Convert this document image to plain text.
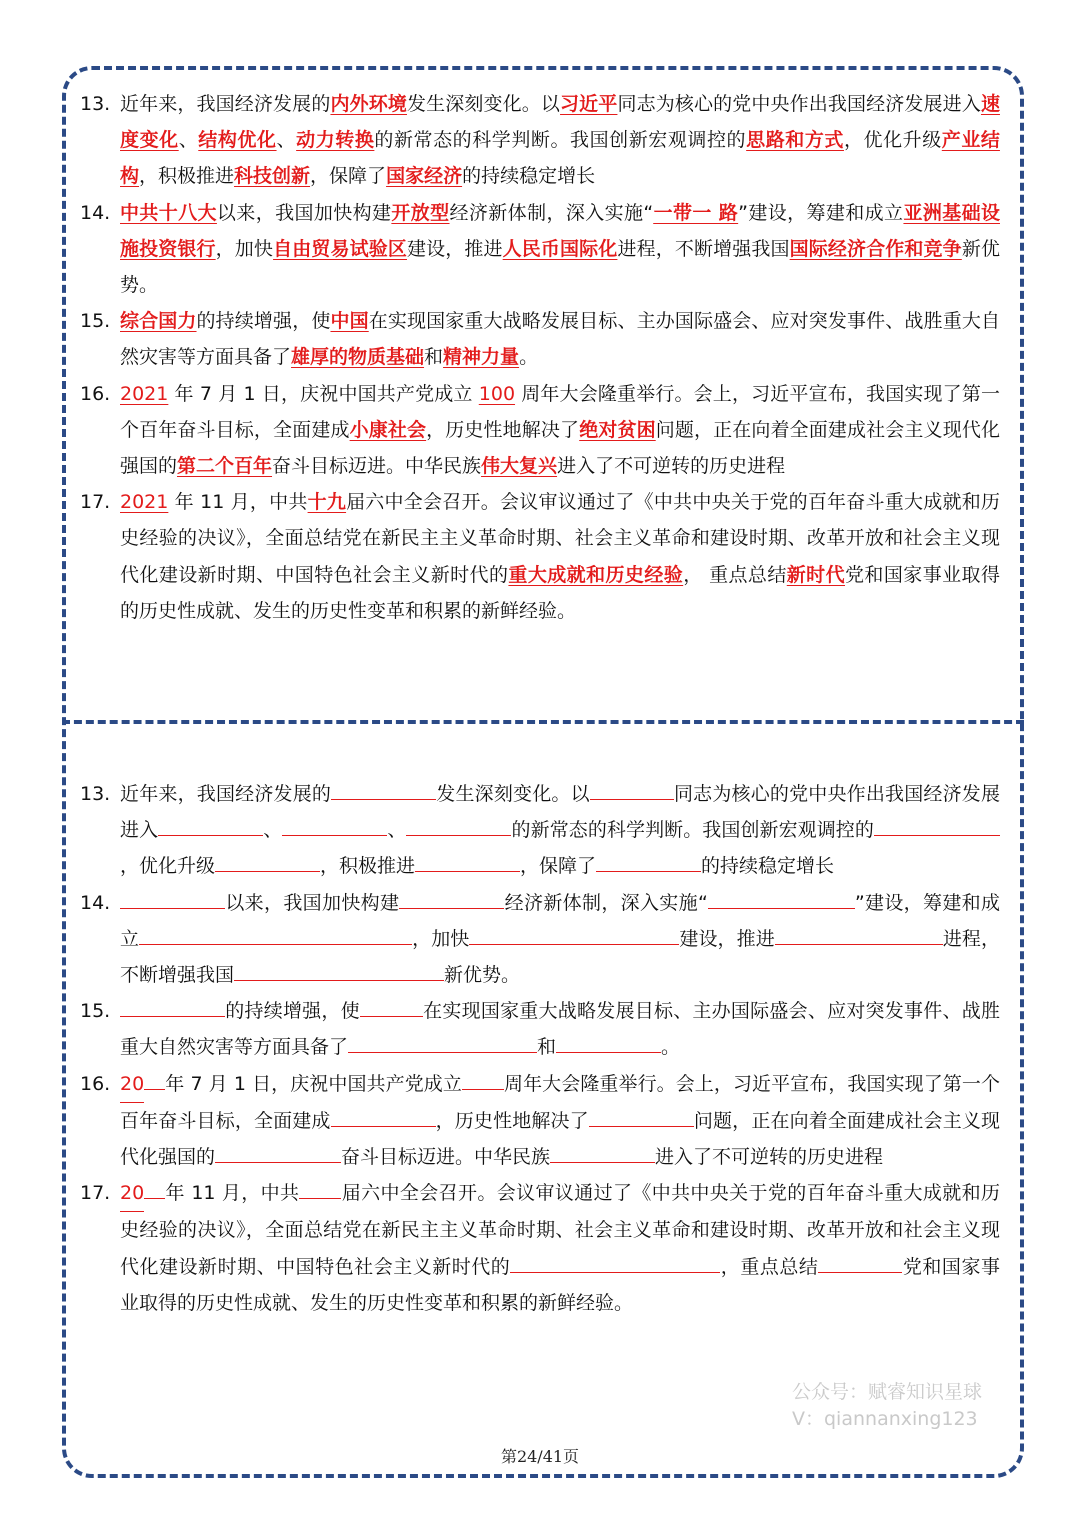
13. 近年来，我国经济发展的内外环境发生深刻变化。以习近平同志为核心的党中央作出我国经济发展进入速度变化、结构优化、动力转换的新常态的科学判断。我国创新宏观调控的思路和方式，优化升级产业结构，积极推进科技创新，保障了国家经济的持续稳定增长
14. 中共十八大以来，我国加快构建开放型经济新体制，深入实施“一带一 路”建设，筹建和成立亚洲基础设施投资银行，加快自由贸易试验区建设，推进人民币国际化进程，不断增强我国国际经济合作和竞争新优势。
15. 综合国力的持续增强，使中国在实现国家重大战略发展目标、主办国际盛会、应对突发事件、战胜重大自然灾害等方面具备了雄厚的物质基础和精神力量。
16. 2021 年 7 月 1 日，庆祝中国共产党成立 100 周年大会隆重举行。会上，习近平宣布，我国实现了第一个百年奋斗目标，全面建成小康社会，历史性地解决了绝对贫困问题，正在向着全面建成社会主义现代化强国的第二个百年奋斗目标迈进。中华民族伟大复兴进入了不可逆转的历史进程
17. 2021 年 11 月，中共十九届六中全会召开。会议审议通过了《中共中央关于党的百年奋斗重大成就和历史经验的决议》，全面总结党在新民主主义革命时期、社会主义革命和建设时期、改革开放和社会主义现代化建设新时期、中国特色社会主义新时代的重大成就和历史经验， 重点总结新时代党和国家事业取得的历史性成就、发生的历史性变革和积累的新鲜经验。
13. 近年来，我国经济发展的	发生深刻变化。以	同志为核心的党中央作出我国经济发展进入	、	、	的新常态的科学判断。我国创新宏观调控的，优化升级	，积极推进	，保障了	的持续稳定增长
14.	以来，我国加快构建	经济新体制，深入实施“	”建设，筹建和成立	，加快	建设，推进	进程，不断增强我国	新优势。
15.	的持续增强，使	在实现国家重大战略发展目标、主办国际盛会、应对突发事件、战胜重大自然灾害等方面具备了	和	。
16. 20 年 7 月 1 日，庆祝中国共产党成立 周年大会隆重举行。会上，习近平宣布，我国实现了第一个百年奋斗目标，全面建成	，历史性地解决了	问题，正在向着全面建成社会主义现代化强国的	奋斗目标迈进。中华民族	进入了不可逆转的历史进程
17. 20 年 11 月，中共 届六中全会召开。会议审议通过了《中共中央关于党的百年奋斗重大成就和历史经验的决议》，全面总结党在新民主主义革命时期、社会主义革命和建设时期、改革开放和社会主义现代化建设新时期、中国特色社会主义新时代的	，重点总结	党和国家事业取得的历史性成就、发生的历史性变革和积累的新鲜经验。
公众号：赋睿知识星球
V：qiannanxing123
第24/41页
